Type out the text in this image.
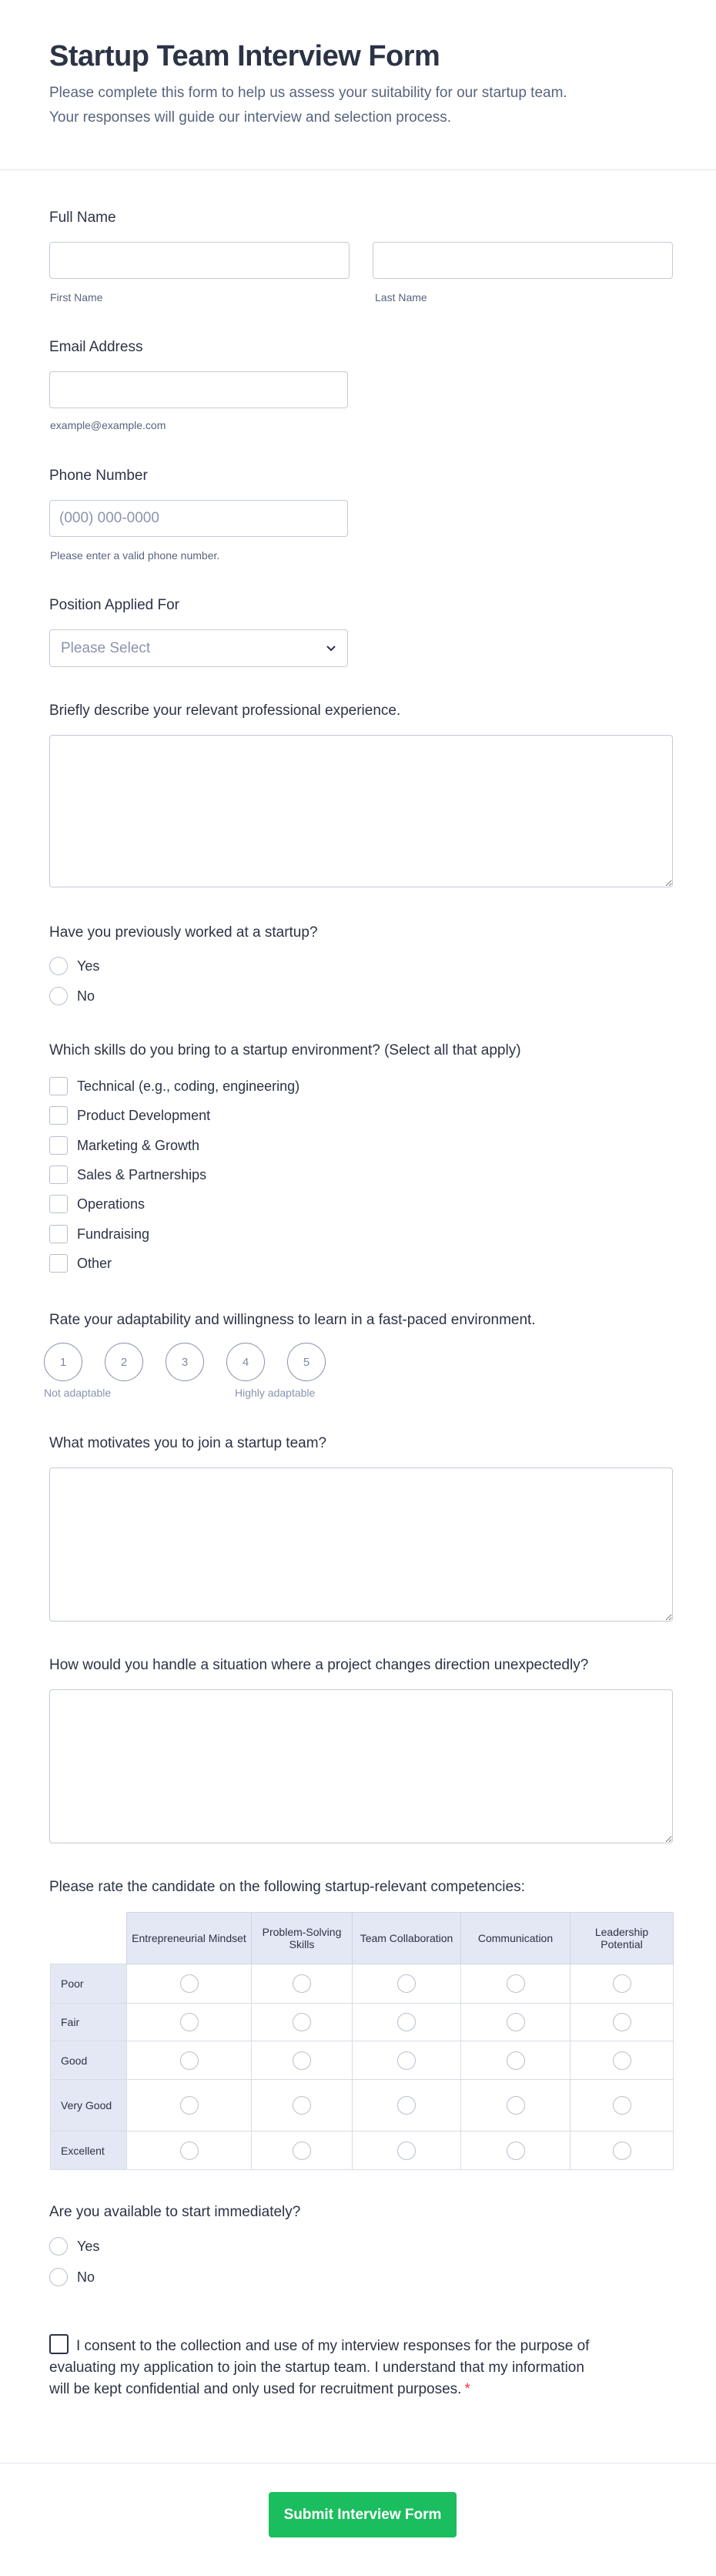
Startup Team Interview Form
Please complete this form to help us assess your suitability for our startup team.
Your responses will guide our interview and selection process.
Full Name
First Name	Last Name
Email Address
example@example.com
Phone Number
(000) 000-0000
Please enter a valid phone number.
Position Applied For
Please Select
Briefly describe your relevant professional experience.
Have you previously worked at a startup?
Yes
No
Which skills do you bring to a startup environment? (Select all that apply)
Technical (e.g., coding, engineering)
Product Development
Marketing & Growth
Sales & Partnerships
Operations
Fundraising
Other
Rate your adaptability and willingness to learn in a fast-paced environment.
1	2	3	4	5
Not adaptable	Highly adaptable
What motivates you to join a startup team?
How would you handle a situation where a project changes direction unexpectedly?
Please rate the candidate on the following startup-relevant competencies:
	Entrepreneurial Mindset	Problem-Solving Skills	Team Collaboration	Communication	Leadership Potential
Poor					
Fair					
Good					
Very Good					
Excellent					
Are you available to start immediately?
Yes
No
I consent to the collection and use of my interview responses for the purpose of evaluating my application to join the startup team. I understand that my information will be kept confidential and only used for recruitment purposes. *
Submit Interview Form
